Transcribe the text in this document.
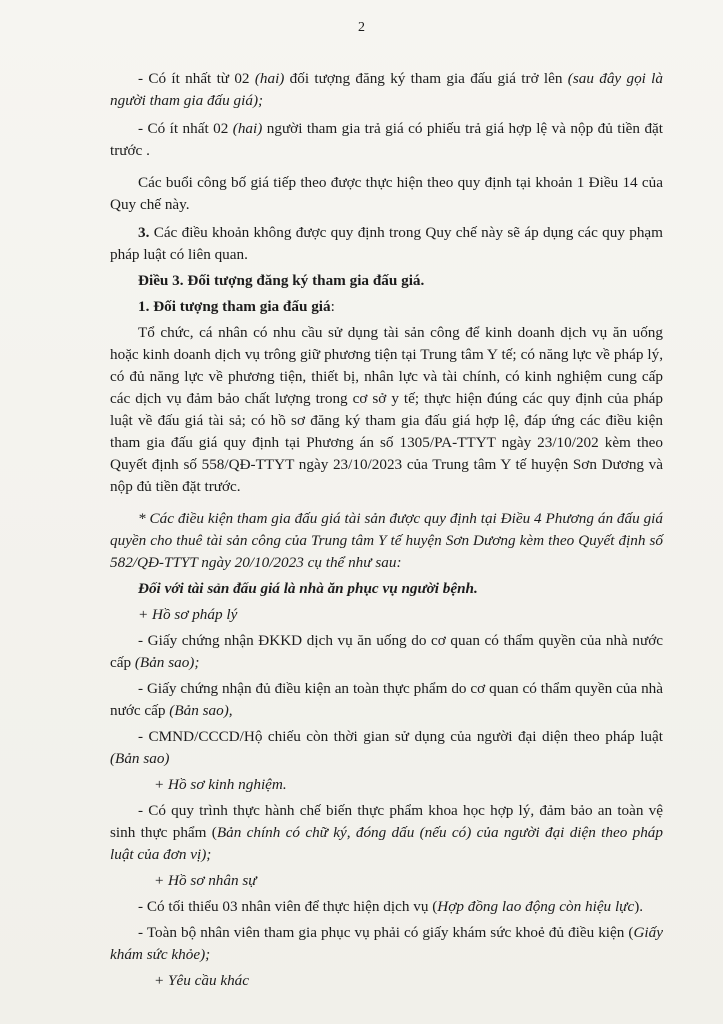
2

- Có ít nhất từ 02 (hai) đối tượng đăng ký tham gia đấu giá trở lên (sau đây gọi là người tham gia đấu giá);

- Có ít nhất 02 (hai) người tham gia trả giá có phiếu trả giá hợp lệ và nộp đủ tiền đặt trước .

Các buổi công bố giá tiếp theo được thực hiện theo quy định tại khoản 1 Điều 14 của Quy chế này.

3. Các điều khoản không được quy định trong Quy chế này sẽ áp dụng các quy phạm pháp luật có liên quan.

Điều 3. Đối tượng đăng ký tham gia đấu giá.

1. Đối tượng tham gia đấu giá:

Tổ chức, cá nhân có nhu cầu sử dụng tài sản công để kinh doanh dịch vụ ăn uống hoặc kinh doanh dịch vụ trông giữ phương tiện tại Trung tâm Y tế; có năng lực về pháp lý, có đủ năng lực về phương tiện, thiết bị, nhân lực và tài chính, có kinh nghiệm cung cấp các dịch vụ đảm bảo chất lượng trong cơ sở y tế; thực hiện đúng các quy định của pháp luật về đấu giá tài sả; có hồ sơ đăng ký tham gia đấu giá hợp lệ, đáp ứng các điều kiện tham gia đấu giá quy định tại Phương án số 1305/PA-TTYT ngày 23/10/202 kèm theo Quyết định số 558/QĐ-TTYT ngày 23/10/2023 của Trung tâm Y tế huyện Sơn Dương và nộp đủ tiền đặt trước.

* Các điều kiện tham gia đấu giá tài sản được quy định tại Điều 4 Phương án đấu giá quyền cho thuê tài sản công của Trung tâm Y tế huyện Sơn Dương kèm theo Quyết định số 582/QĐ-TTYT ngày 20/10/2023 cụ thể như sau:

Đối với tài sản đấu giá là nhà ăn phục vụ người bệnh.

+ Hồ sơ pháp lý

- Giấy chứng nhận ĐKKD dịch vụ ăn uống do cơ quan có thẩm quyền của nhà nước cấp (Bản sao);

- Giấy chứng nhận đủ điều kiện an toàn thực phẩm do cơ quan có thẩm quyền của nhà nước cấp (Bản sao),

- CMND/CCCD/Hộ chiếu còn thời gian sử dụng của người đại diện theo pháp luật (Bản sao)

+ Hồ sơ kinh nghiệm.

- Có quy trình thực hành chế biến thực phẩm khoa học hợp lý, đảm bảo an toàn vệ sinh thực phẩm (Bản chính có chữ ký, đóng dấu (nếu có) của người đại diện theo pháp luật của đơn vị);

+ Hồ sơ nhân sự

- Có tối thiểu 03 nhân viên để thực hiện dịch vụ (Hợp đồng lao động còn hiệu lực).

- Toàn bộ nhân viên tham gia phục vụ phải có giấy khám sức khoẻ đủ điều kiện (Giấy khám sức khỏe);

+ Yêu cầu khác
